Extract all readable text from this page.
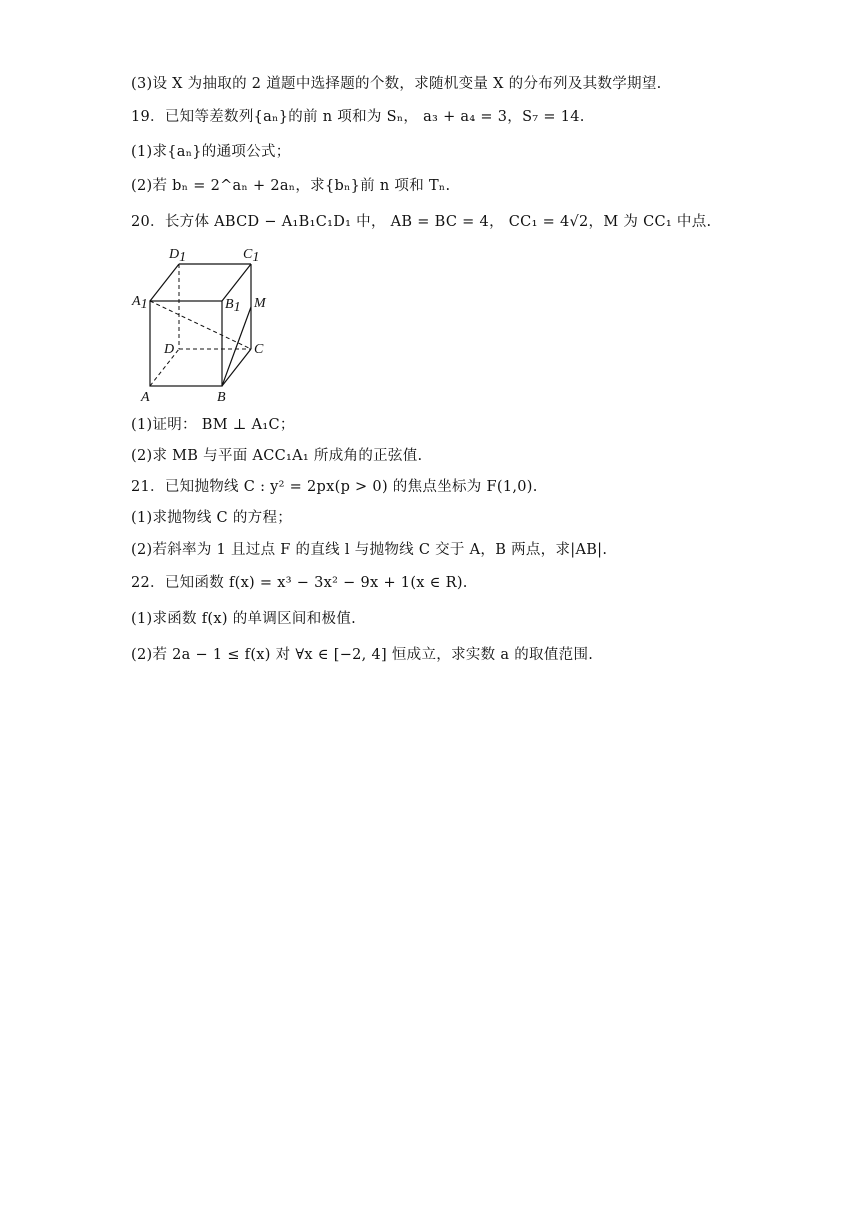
(3)设 X 为抽取的 2 道题中选择题的个数，求随机变量 X 的分布列及其数学期望.
19．已知等差数列{aₙ}的前 n 项和为 Sₙ， a₃ + a₄ = 3，S₇ = 14.
(1)求{aₙ}的通项公式；
(2)若 bₙ = 2^aₙ + 2aₙ，求{bₙ}前 n 项和 Tₙ.
20．长方体 ABCD − A₁B₁C₁D₁ 中， AB = BC = 4， CC₁ = 4√2，M 为 CC₁ 中点.
D1	C1
A1	B1 M
D	C
A	B
(1)证明： BM ⊥ A₁C；
(2)求 MB 与平面 ACC₁A₁ 所成角的正弦值.
21．已知抛物线 C : y² = 2px(p > 0) 的焦点坐标为 F(1,0).
(1)求抛物线 C 的方程；
(2)若斜率为 1 且过点 F 的直线 l 与抛物线 C 交于 A，B 两点，求|AB|.
22．已知函数 f(x) = x³ − 3x² − 9x + 1(x ∈ R).
(1)求函数 f(x) 的单调区间和极值.
(2)若 2a − 1 ≤ f(x) 对 ∀x ∈ [−2, 4] 恒成立，求实数 a 的取值范围.
